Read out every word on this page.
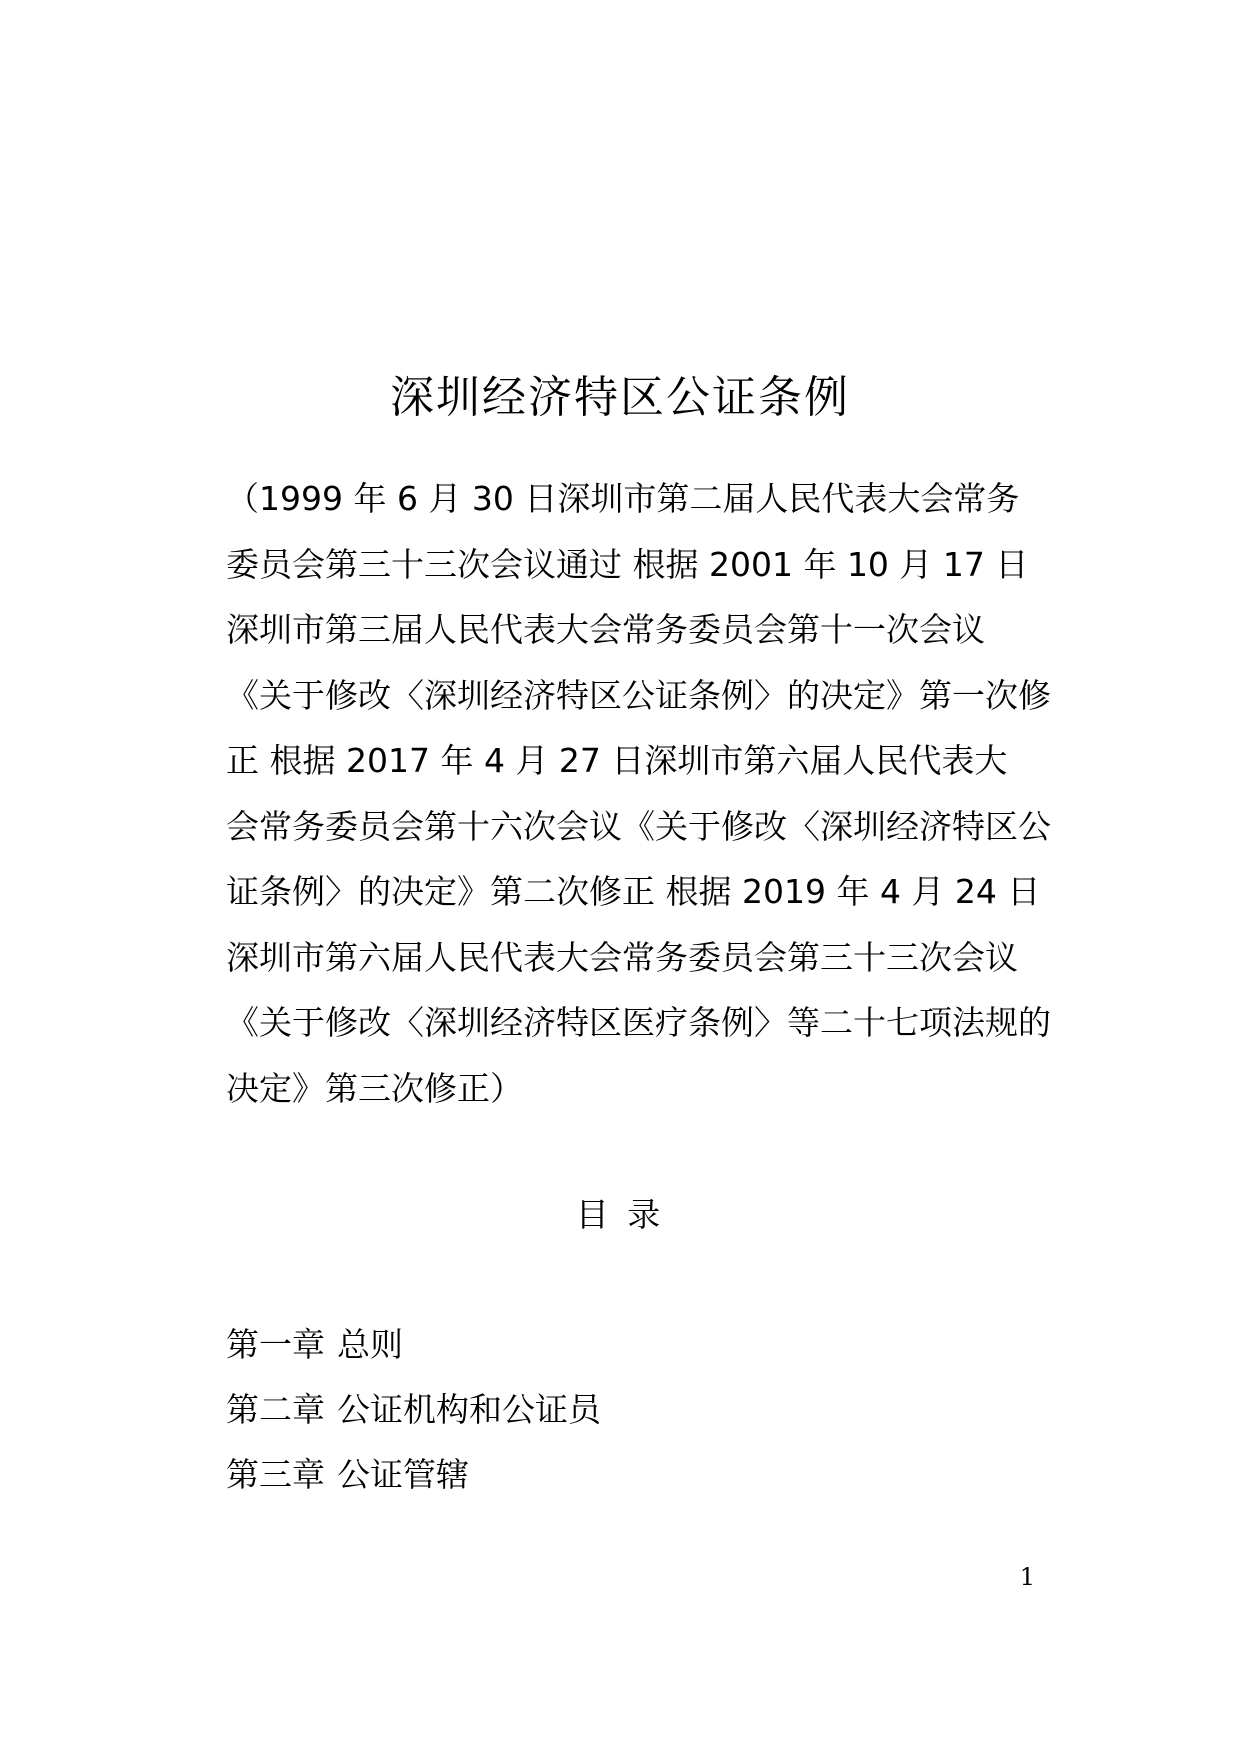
深圳经济特区公证条例
（1999 年 6 月 30 日深圳市第二届人民代表大会常务
委员会第三十三次会议通过 根据 2001 年 10 月 17 日
深圳市第三届人民代表大会常务委员会第十一次会议
《关于修改〈深圳经济特区公证条例〉的决定》第一次修
正 根据 2017 年 4 月 27 日深圳市第六届人民代表大
会常务委员会第十六次会议《关于修改〈深圳经济特区公
证条例〉的决定》第二次修正 根据 2019 年 4 月 24 日
深圳市第六届人民代表大会常务委员会第三十三次会议
《关于修改〈深圳经济特区医疗条例〉等二十七项法规的
决定》第三次修正）
目 录
第一章 总则
第二章 公证机构和公证员
第三章 公证管辖
1
